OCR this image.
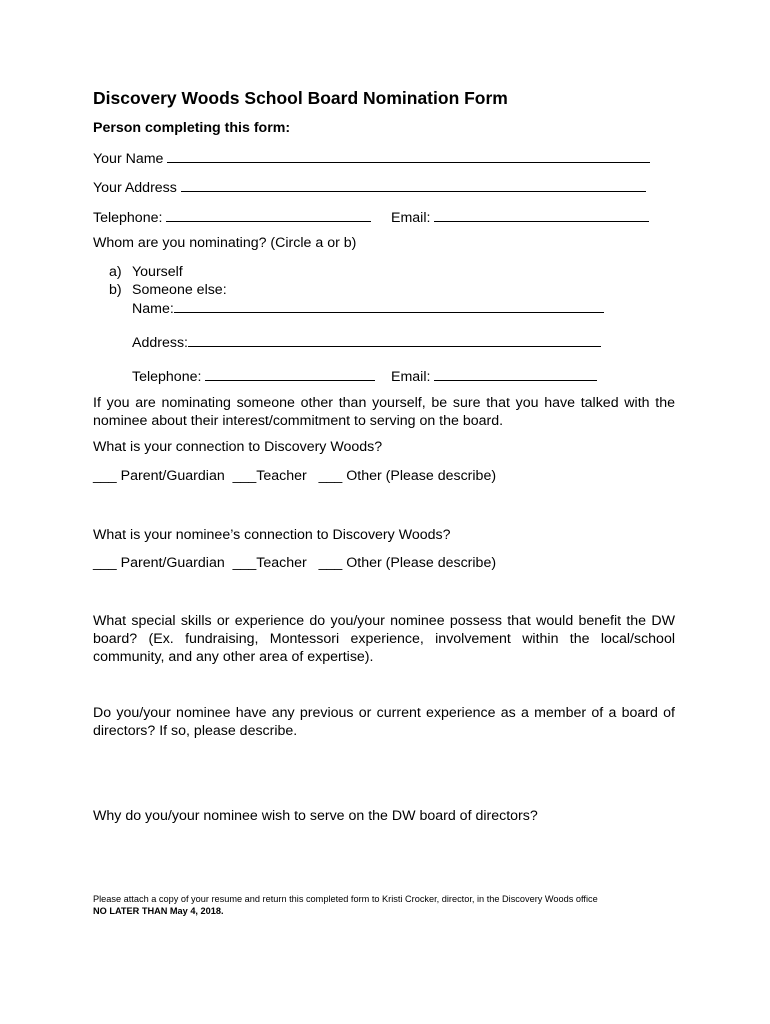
Discovery Woods School Board Nomination Form
Person completing this form:
Your Name
Your Address
Telephone:	Email:
Whom are you nominating? (Circle a or b)
a) Yourself
b) Someone else:
Name:
Address:
Telephone:	Email:
If you are nominating someone other than yourself, be sure that you have talked with the nominee about their interest/commitment to serving on the board.
What is your connection to Discovery Woods?
___ Parent/Guardian ___Teacher ___ Other (Please describe)
What is your nominee’s connection to Discovery Woods?
___ Parent/Guardian ___Teacher ___ Other (Please describe)
What special skills or experience do you/your nominee possess that would benefit the DW board? (Ex. fundraising, Montessori experience, involvement within the local/school community, and any other area of expertise).
Do you/your nominee have any previous or current experience as a member of a board of directors? If so, please describe.
Why do you/your nominee wish to serve on the DW board of directors?
Please attach a copy of your resume and return this completed form to Kristi Crocker, director, in the Discovery Woods office
NO LATER THAN May 4, 2018.
